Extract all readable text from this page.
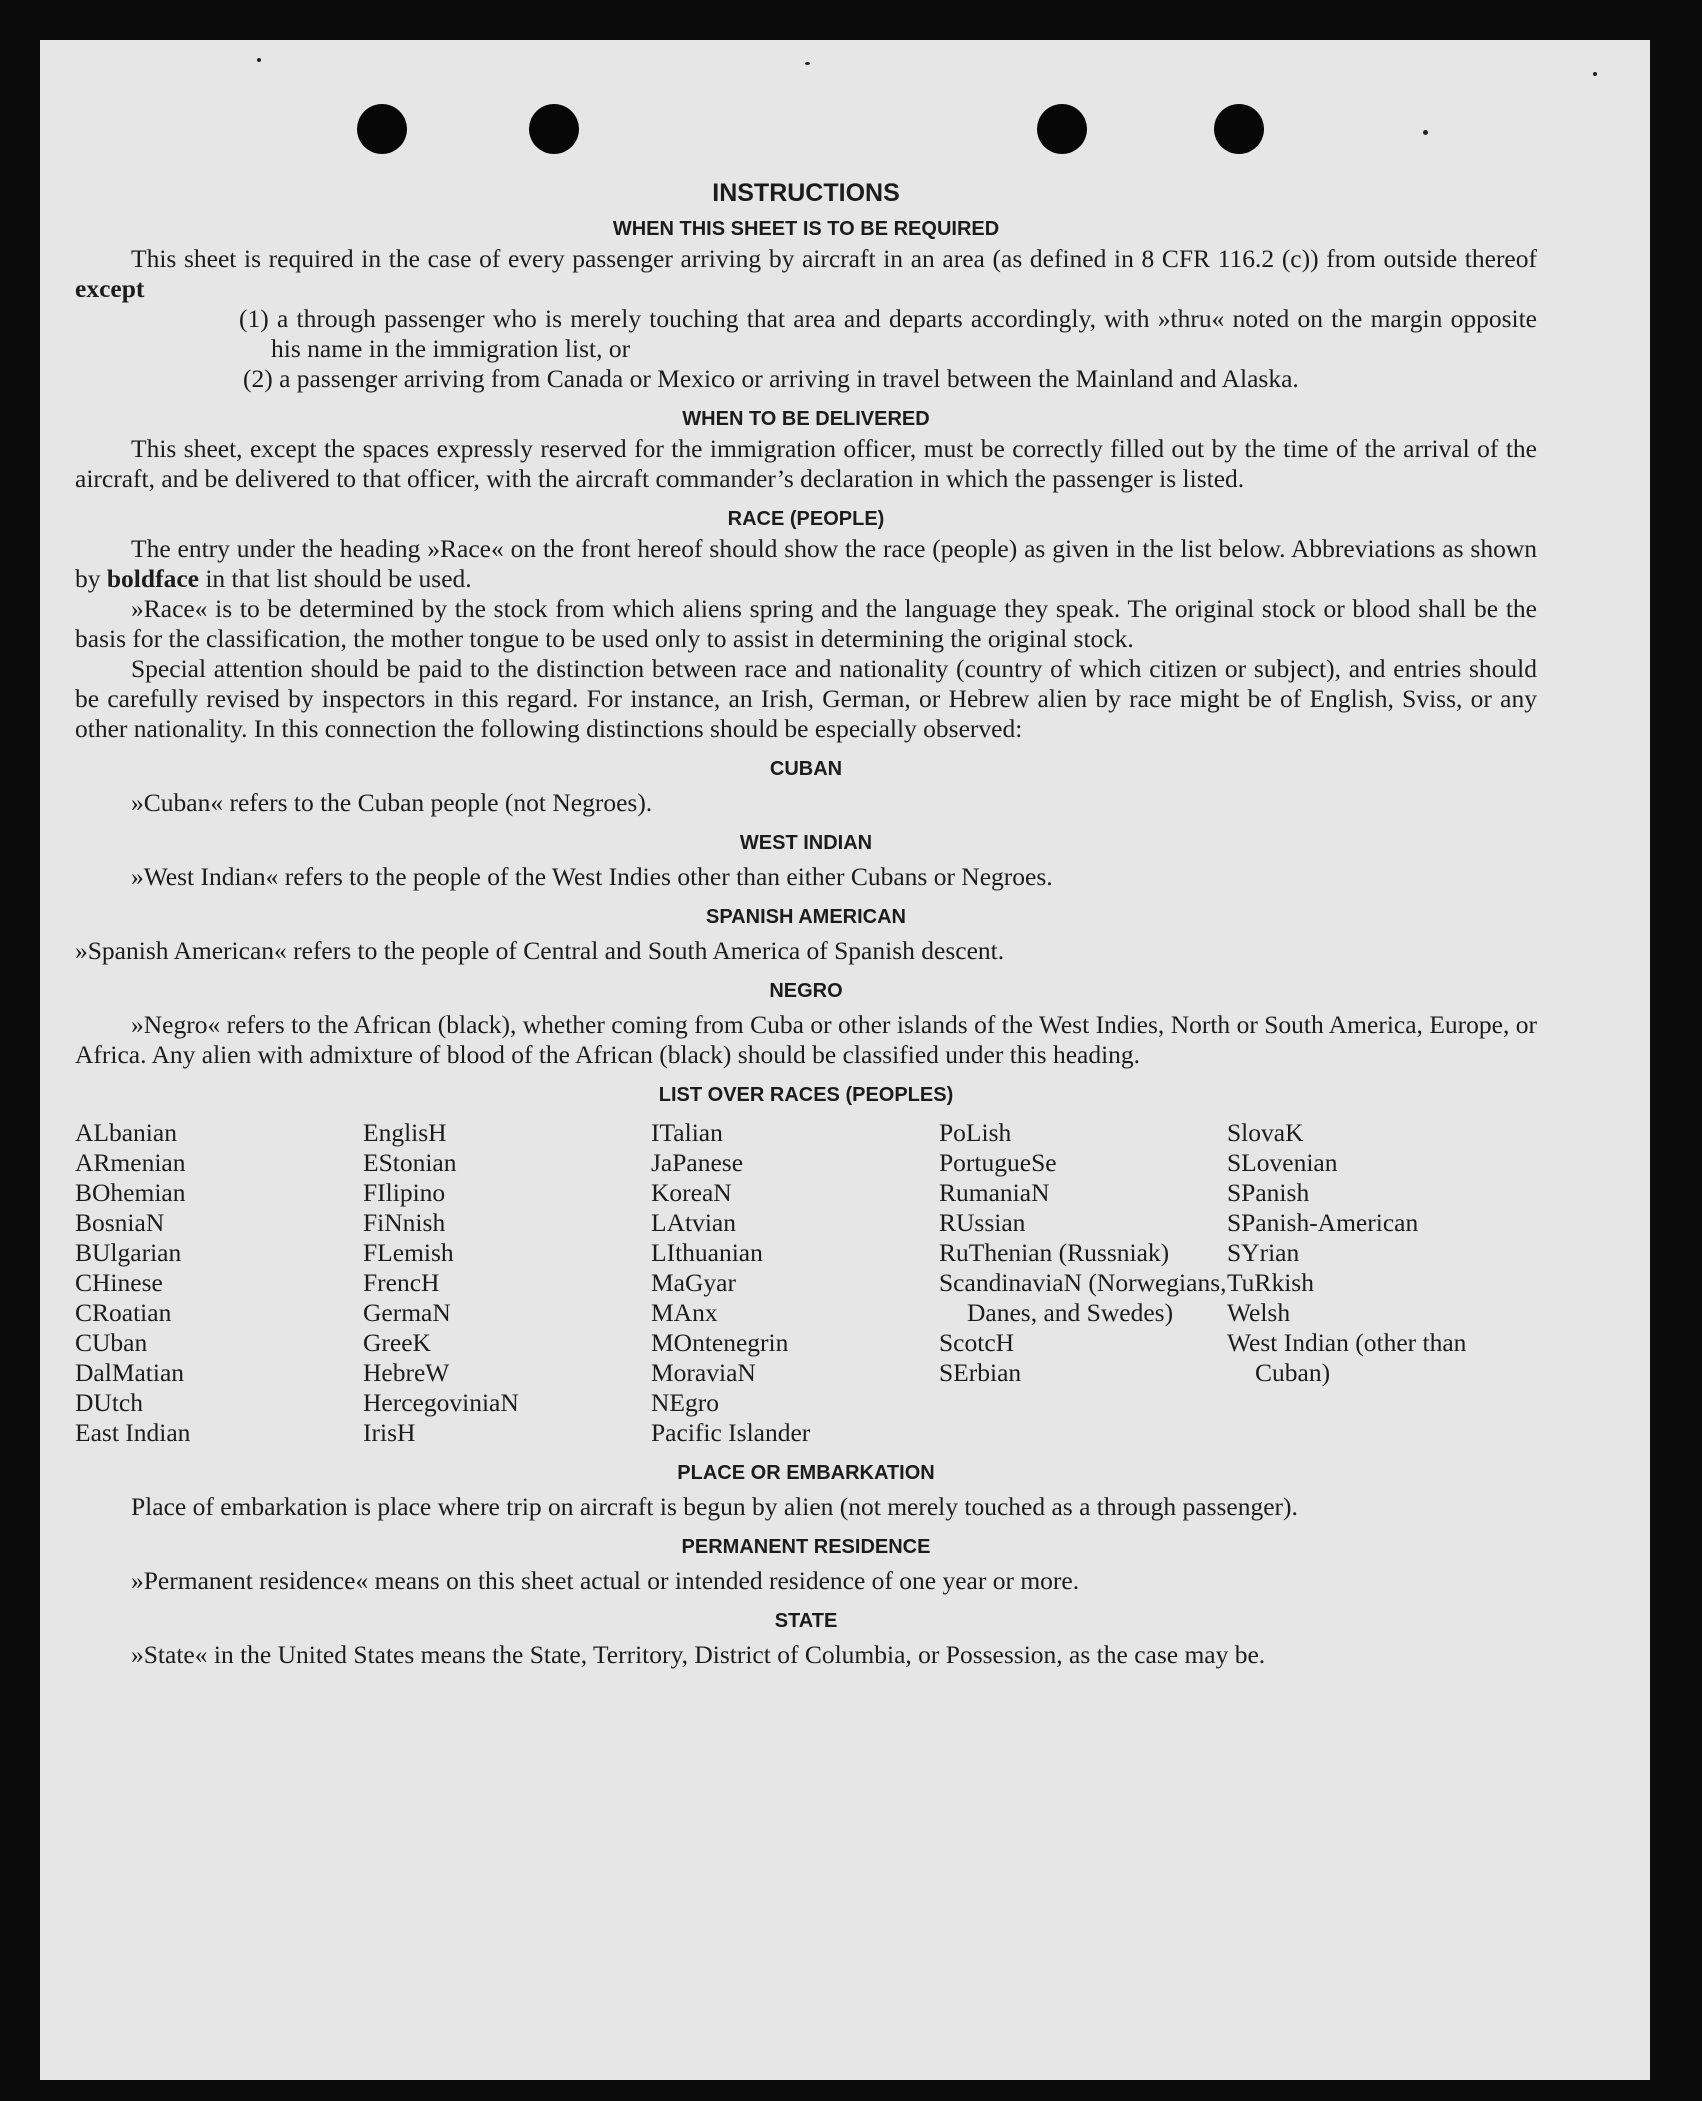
INSTRUCTIONS
WHEN THIS SHEET IS TO BE REQUIRED

This sheet is required in the case of every passenger arriving by aircraft in an area (as defined in 8 CFR 116.2 (c)) from outside thereof except

(1) a through passenger who is merely touching that area and departs accordingly, with »thru« noted on the margin opposite his name in the immigration list, or

(2) a passenger arriving from Canada or Mexico or arriving in travel between the Mainland and Alaska.

WHEN TO BE DELIVERED

This sheet, except the spaces expressly reserved for the immigration officer, must be correctly filled out by the time of the arrival of the aircraft, and be delivered to that officer, with the aircraft commander’s declaration in which the passenger is listed.

RACE (PEOPLE)

The entry under the heading »Race« on the front hereof should show the race (people) as given in the list below. Abbreviations as shown by boldface in that list should be used.

»Race« is to be determined by the stock from which aliens spring and the language they speak. The original stock or blood shall be the basis for the classification, the mother tongue to be used only to assist in determining the original stock.

Special attention should be paid to the distinction between race and nationality (country of which citizen or subject), and entries should be carefully revised by inspectors in this regard. For instance, an Irish, German, or Hebrew alien by race might be of English, Sviss, or any other nationality. In this connection the following distinctions should be especially observed:

CUBAN

»Cuban« refers to the Cuban people (not Negroes).

WEST INDIAN

»West Indian« refers to the people of the West Indies other than either Cubans or Negroes.

SPANISH AMERICAN

»Spanish American« refers to the people of Central and South America of Spanish descent.

NEGRO

»Negro« refers to the African (black), whether coming from Cuba or other islands of the West Indies, North or South America, Europe, or Africa. Any alien with admixture of blood of the African (black) should be classified under this heading.

LIST OVER RACES (PEOPLES)
ALbanian
ARmenian
BOhemian
BosniaN
BUlgarian
CHinese
CRoatian
CUban
DalMatian
DUtch
East Indian
EnglisH
EStonian
FIlipino
FiNnish
FLemish
FrencH
GermaN
GreeK
HebreW
HercegoviniaN
IrisH
ITalian
JaPanese
KoreaN
LAtvian
LIthuanian
MaGyar
MAnx
MOntenegrin
MoraviaN
NEgro
Pacific Islander
PoLish
PortugueSe
RumaniaN
RUssian
RuThenian (Russniak)
ScandinaviaN (Norwegians, Danes, and Swedes)
ScotcH
SErbian
SlovaK
SLovenian
SPanish
SPanish-American
SYrian
TuRkish
Welsh
West Indian (other than Cuban)
PLACE OR EMBARKATION

Place of embarkation is place where trip on aircraft is begun by alien (not merely touched as a through passenger).

PERMANENT RESIDENCE

»Permanent residence« means on this sheet actual or intended residence of one year or more.

STATE

»State« in the United States means the State, Territory, District of Columbia, or Possession, as the case may be.
